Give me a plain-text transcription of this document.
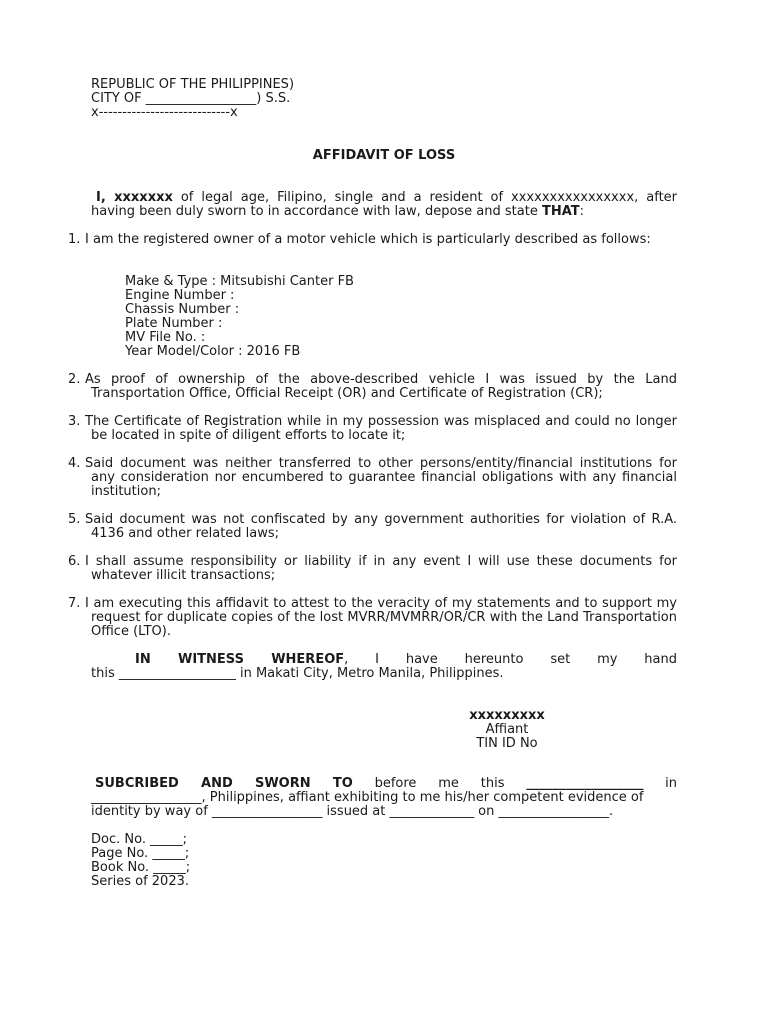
REPUBLIC OF THE PHILIPPINES)
CITY OF _________________) S.S.
x----------------------------x
AFFIDAVIT OF LOSS
I, xxxxxxx of legal age, Filipino, single and a resident of xxxxxxxxxxxxxxxx, after having been duly sworn to in accordance with law, depose and state THAT:
1. I am the registered owner of a motor vehicle which is particularly described as follows:
Make & Type : Mitsubishi Canter FB
Engine Number :
Chassis Number :
Plate Number :
MV File No. :
Year Model/Color : 2016 FB
2. As proof of ownership of the above-described vehicle I was issued by the Land Transportation Office, Official Receipt (OR) and Certificate of Registration (CR);
3. The Certificate of Registration while in my possession was misplaced and could no longer be located in spite of diligent efforts to locate it;
4. Said document was neither transferred to other persons/entity/financial institutions for any consideration nor encumbered to guarantee financial obligations with any financial institution;
5. Said document was not confiscated by any government authorities for violation of R.A. 4136 and other related laws;
6. I shall assume responsibility or liability if in any event I will use these documents for whatever illicit transactions;
7. I am executing this affidavit to attest to the veracity of my statements and to support my request for duplicate copies of the lost MVRR/MVMRR/OR/CR with the Land Transportation Office (LTO).
IN WITNESS WHEREOF, I have hereunto set my hand
this __________________ in Makati City, Metro Manila, Philippines.
xxxxxxxxx
Affiant
TIN ID No
SUBCRIBED AND SWORN TO before me this __________________ in
_________________, Philippines, affiant exhibiting to me his/her competent evidence of
identity by way of _________________ issued at _____________ on _________________.
Doc. No. _____;
Page No. _____;
Book No. _____;
Series of 2023.
